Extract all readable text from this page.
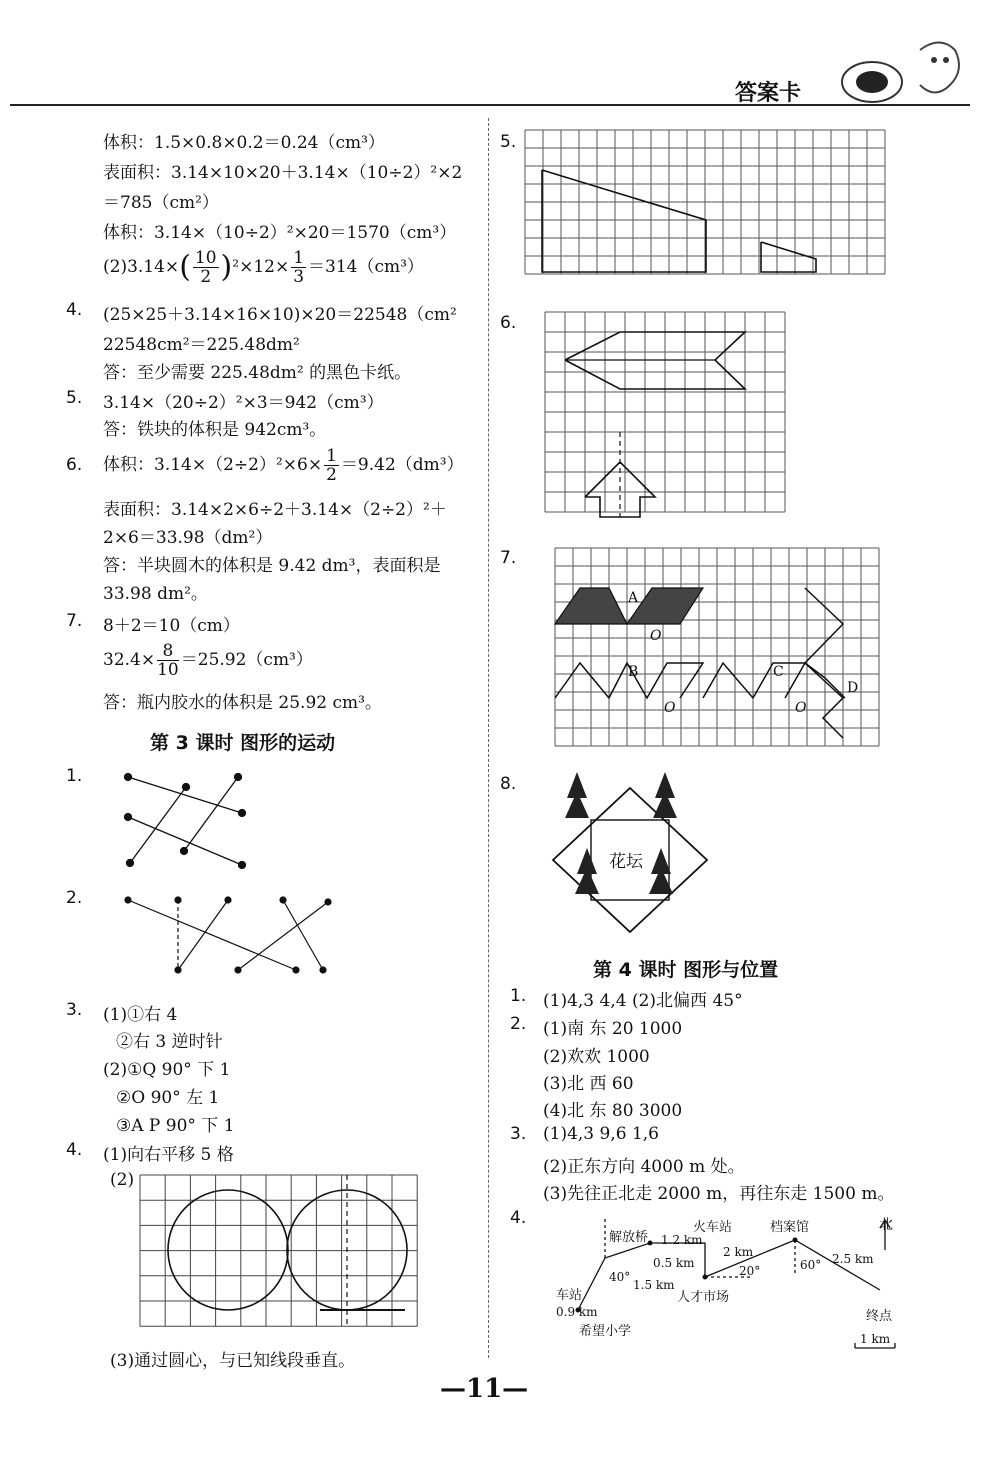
答案卡
体积：1.5×0.8×0.2＝0.24（cm³）
表面积：3.14×10×20＋3.14×（10÷2）²×2
＝785（cm²）
体积：3.14×（10÷2）²×20＝1570（cm³）
$(2)3.14\times( \frac{10}{2} )^2\times 12\times \frac{1}{3} =314(cm^3)$
4. (25×25＋3.14×16×10)×20＝22548（cm²
22548cm²＝225.48dm²
答：至少需要 225.48dm² 的黑色卡纸。
5. 3.14×（20÷2）²×3＝942（cm³）
答：铁块的体积是 942cm³。
6. 体积：$3.14\times(2\div 2)^2\times 6\times \frac{1}{2} =9.42(dm^3)$
表面积：3.14×2×6÷2＋3.14×（2÷2）²＋
2×6＝33.98（dm²）
答：半块圆木的体积是 9.42 dm³，表面积是
33.98 dm²。
7. 8＋2＝10（cm）
$32.4\times \frac{8}{10} =25.92(cm^3)$
答：瓶内胶水的体积是 25.92 cm³。
第 3 课时 图形的运动
1.
2.
3. (1)①右 4
②右 3 逆时针
(2)①Q 90° 下 1
②O 90° 左 1
③A P 90° 下 1
4. (1)向右平移 5 格
(2)
(3)通过圆心，与已知线段垂直。
5.
6.
7.
A
O
B
O
C
O
D
8.
花坛
第 4 课时 图形与位置
1. (1)4,3 4,4 (2)北偏西 45°
2. (1)南 东 20 1000
(2)欢欢 1000
(3)北 西 60
(4)北 东 80 3000
3. (1)4,3 9,6 1,6
(2)正东方向 4000 m 处。
(3)先往正北走 2000 m，再往东走 1500 m。
4.
解放桥
火车站	档案馆	北
1.2 km
2 km	2.5 km
0.5 km
40°	20°	60°
1.5 km
车站	人才市场
0.9 km	终点
希望小学	1 km
—11—
